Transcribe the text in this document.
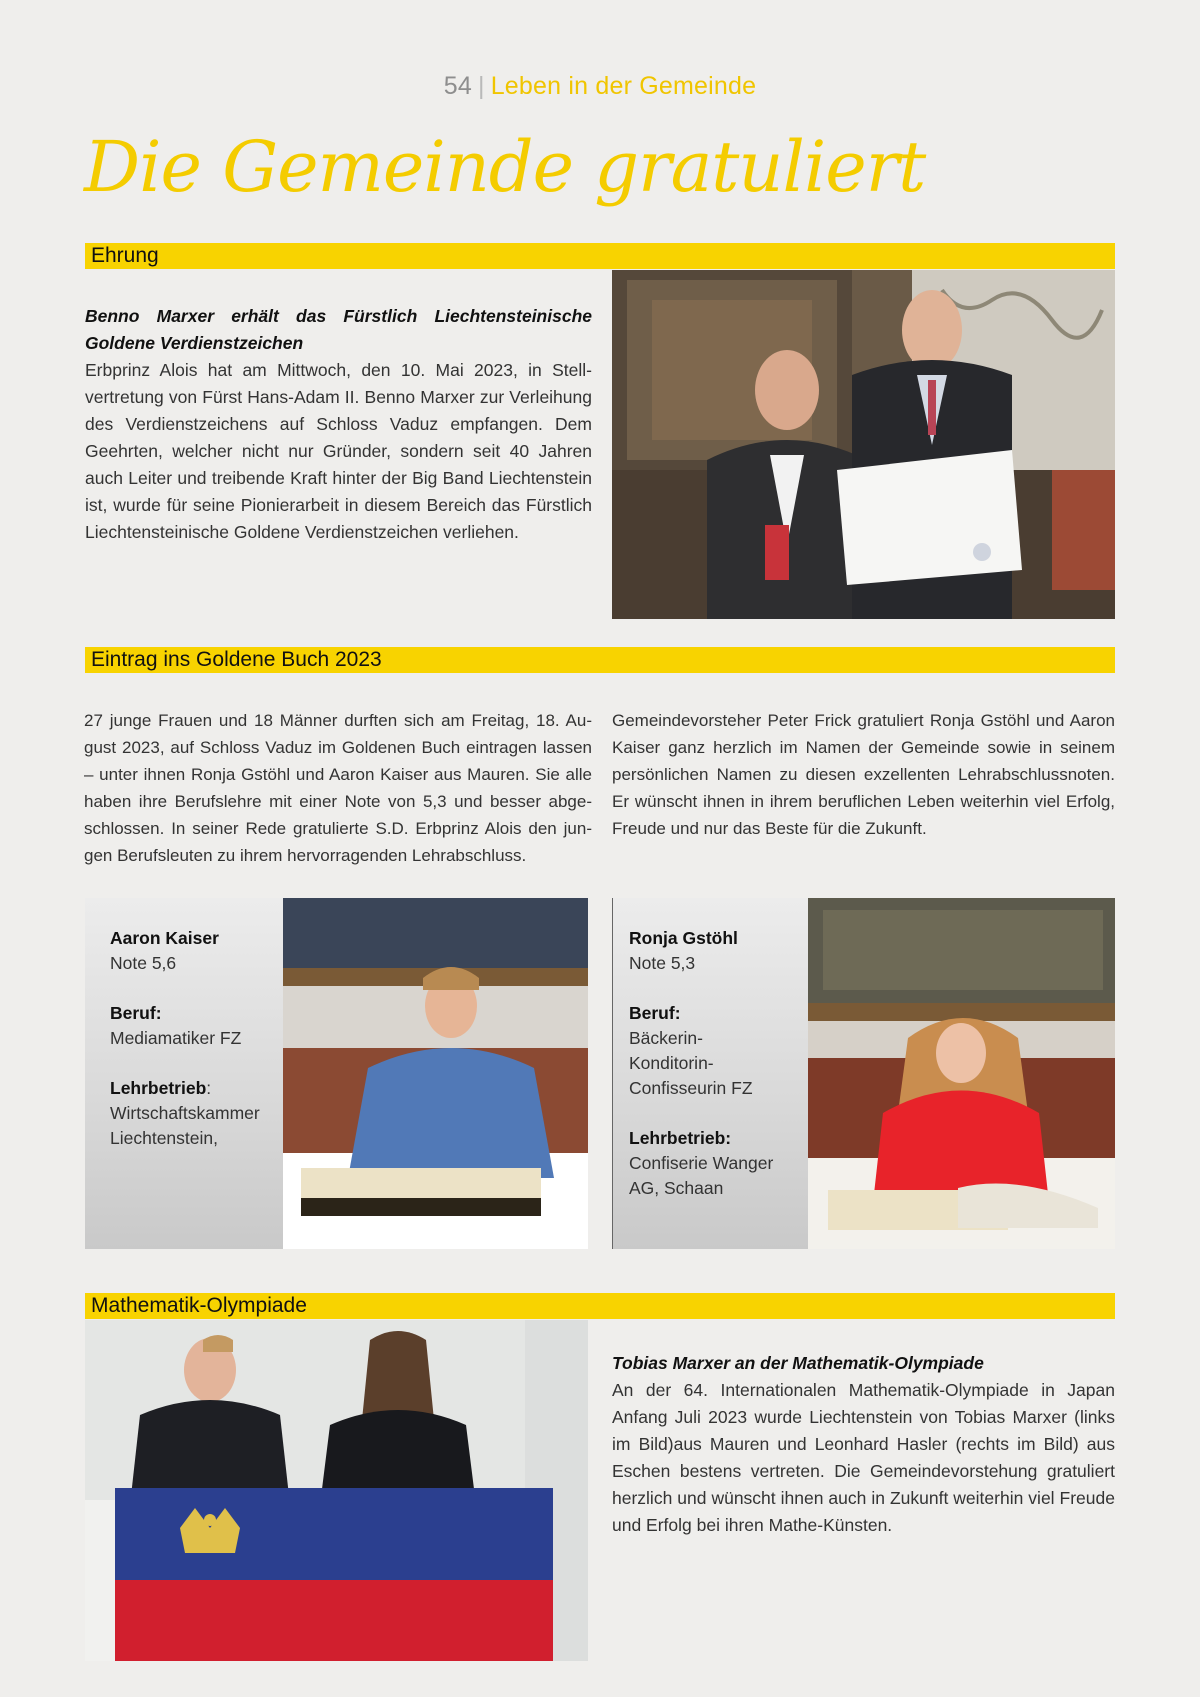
54 | Leben in der Gemeinde
Die Gemeinde gratuliert
Ehrung
Benno Marxer erhält das Fürstlich Liechtensteinische Goldene Verdienstzeichen
Erbprinz Alois hat am Mittwoch, den 10. Mai 2023, in Stellvertretung von Fürst Hans-Adam II. Benno Marxer zur Verleihung des Verdienstzeichens auf Schloss Vaduz empfangen. Dem Geehrten, welcher nicht nur Gründer, sondern seit 40 Jahren auch Leiter und treibende Kraft hinter der Big Band Liechtenstein ist, wurde für seine Pionierarbeit in diesem Bereich das Fürstlich Liechtensteinische Goldene Verdienstzeichen verliehen.
Eintrag ins Goldene Buch 2023
27 junge Frauen und 18 Männer durften sich am Freitag, 18. August 2023, auf Schloss Vaduz im Goldenen Buch eintragen lassen – unter ihnen Ronja Gstöhl und Aaron Kaiser aus Mauren. Sie alle haben ihre Berufslehre mit einer Note von 5,3 und besser abgeschlossen. In seiner Rede gratulierte S.D. Erbprinz Alois den jungen Berufsleuten zu ihrem hervorragenden Lehrabschluss.
Gemeindevorsteher Peter Frick gratuliert Ronja Gstöhl und Aaron Kaiser ganz herzlich im Namen der Gemeinde sowie in seinem persönlichen Namen zu diesen exzellenten Lehrabschlussnoten. Er wünscht ihnen in ihrem beruflichen Leben weiterhin viel Erfolg, Freude und nur das Beste für die Zukunft.
Aaron Kaiser
Note 5,6
Beruf:
Mediamatiker FZ
Lehrbetrieb:
Wirtschaftskammer
Liechtenstein,
Ronja Gstöhl
Note 5,3
Beruf:
Bäckerin-
Konditorin-
Confisseurin FZ
Lehrbetrieb:
Confiserie Wanger
AG, Schaan
Mathematik-Olympiade
Tobias Marxer an der Mathematik-Olympiade
An der 64. Internationalen Mathematik-Olympiade in Japan Anfang Juli 2023 wurde Liechtenstein von Tobias Marxer (links im Bild)aus Mauren und Leonhard Hasler (rechts im Bild) aus Eschen bestens vertreten. Die Gemeindevorstehung gratuliert herzlich und wünscht ihnen auch in Zukunft weiterhin viel Freude und Erfolg bei ihren Mathe-Künsten.
